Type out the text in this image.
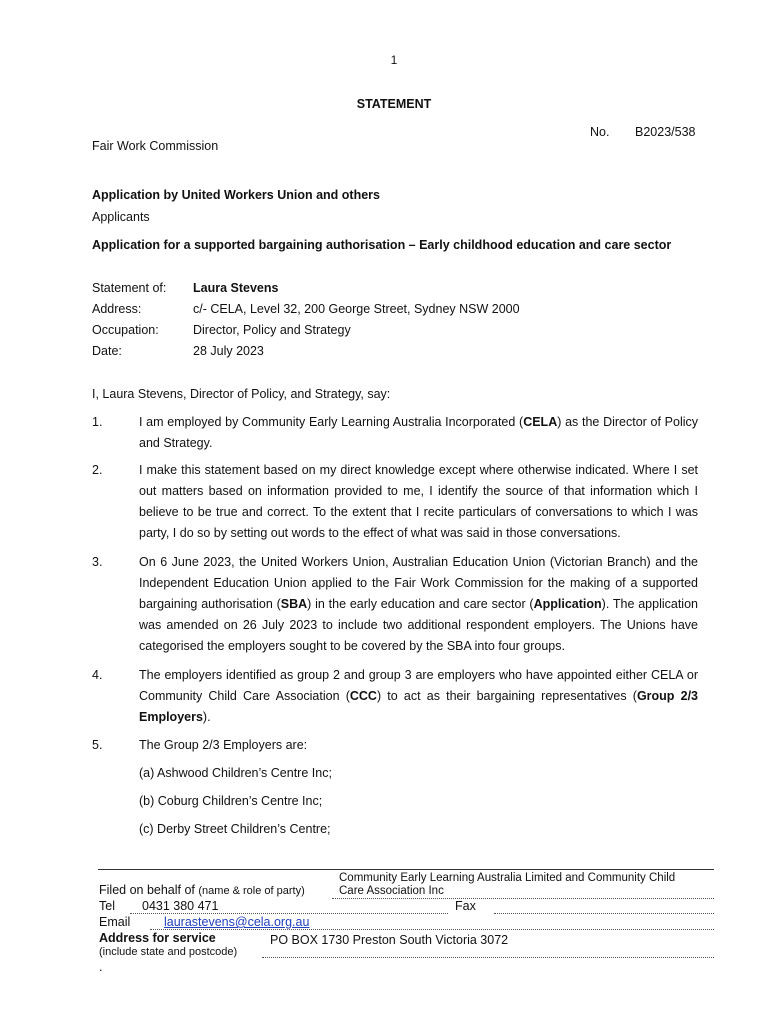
1
STATEMENT
No. B2023/538
Fair Work Commission
Application by United Workers Union and others
Applicants
Application for a supported bargaining authorisation – Early childhood education and care sector
Statement of: Laura Stevens
Address:	c/- CELA, Level 32, 200 George Street, Sydney NSW 2000
Occupation:	Director, Policy and Strategy
Date:	28 July 2023
I, Laura Stevens, Director of Policy, and Strategy, say:
1.	I am employed by Community Early Learning Australia Incorporated (CELA) as the Director of Policy and Strategy.
2.	I make this statement based on my direct knowledge except where otherwise indicated. Where I set out matters based on information provided to me, I identify the source of that information which I believe to be true and correct. To the extent that I recite particulars of conversations to which I was party, I do so by setting out words to the effect of what was said in those conversations.
3.	On 6 June 2023, the United Workers Union, Australian Education Union (Victorian Branch) and the Independent Education Union applied to the Fair Work Commission for the making of a supported bargaining authorisation (SBA) in the early education and care sector (Application). The application was amended on 26 July 2023 to include two additional respondent employers. The Unions have categorised the employers sought to be covered by the SBA into four groups.
4.	The employers identified as group 2 and group 3 are employers who have appointed either CELA or Community Child Care Association (CCC) to act as their bargaining representatives (Group 2/3 Employers).
5.	The Group 2/3 Employers are:
(a) Ashwood Children’s Centre Inc;
(b) Coburg Children’s Centre Inc;
(c) Derby Street Children’s Centre;
Filed on behalf of (name & role of party)
Community Early Learning Australia Limited and Community Child
Care Association Inc
Tel 0431 380 471	Fax
Email	laurastevens@cela.org.au
Address for service	PO BOX 1730 Preston South Victoria 3072
(include state and postcode)
.
